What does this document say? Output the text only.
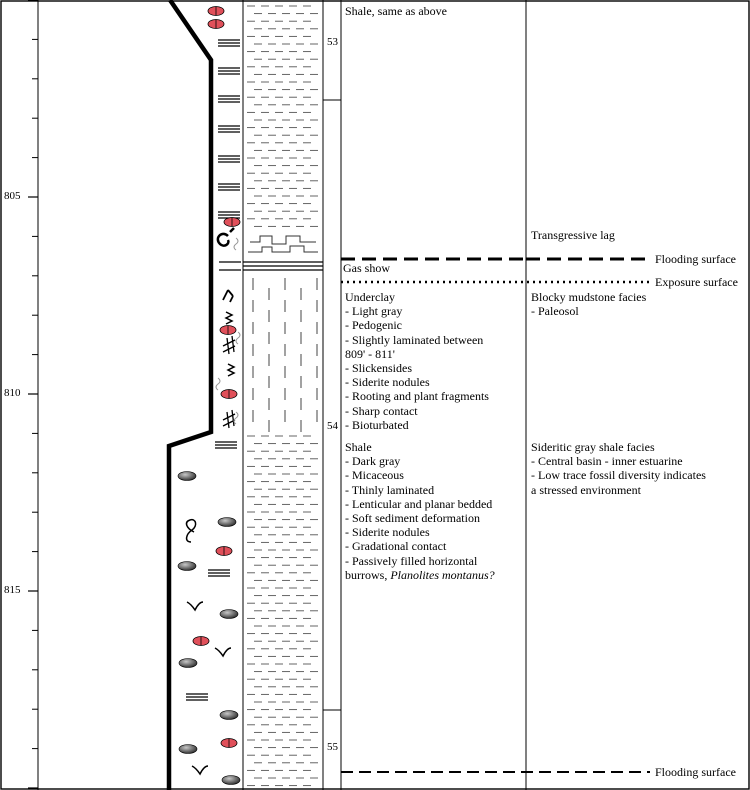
805
810
815
53
54
55
Shale, same as above
Gas show
Underclay
- Light gray
- Pedogenic
- Slightly laminated between
809' - 811'
- Slickensides
- Siderite nodules
- Rooting and plant fragments
- Sharp contact
- Bioturbated
Shale
- Dark gray
- Micaceous
- Thinly laminated
- Lenticular and planar bedded
- Soft sediment deformation
- Siderite nodules
- Gradational contact
- Passively filled horizontal
burrows, Planolites montanus?
Transgressive lag
Blocky mudstone facies
- Paleosol
Sideritic gray shale facies
- Central basin - inner estuarine
- Low trace fossil diversity indicates
a stressed environment
Flooding surface
Exposure surface
Flooding surface
